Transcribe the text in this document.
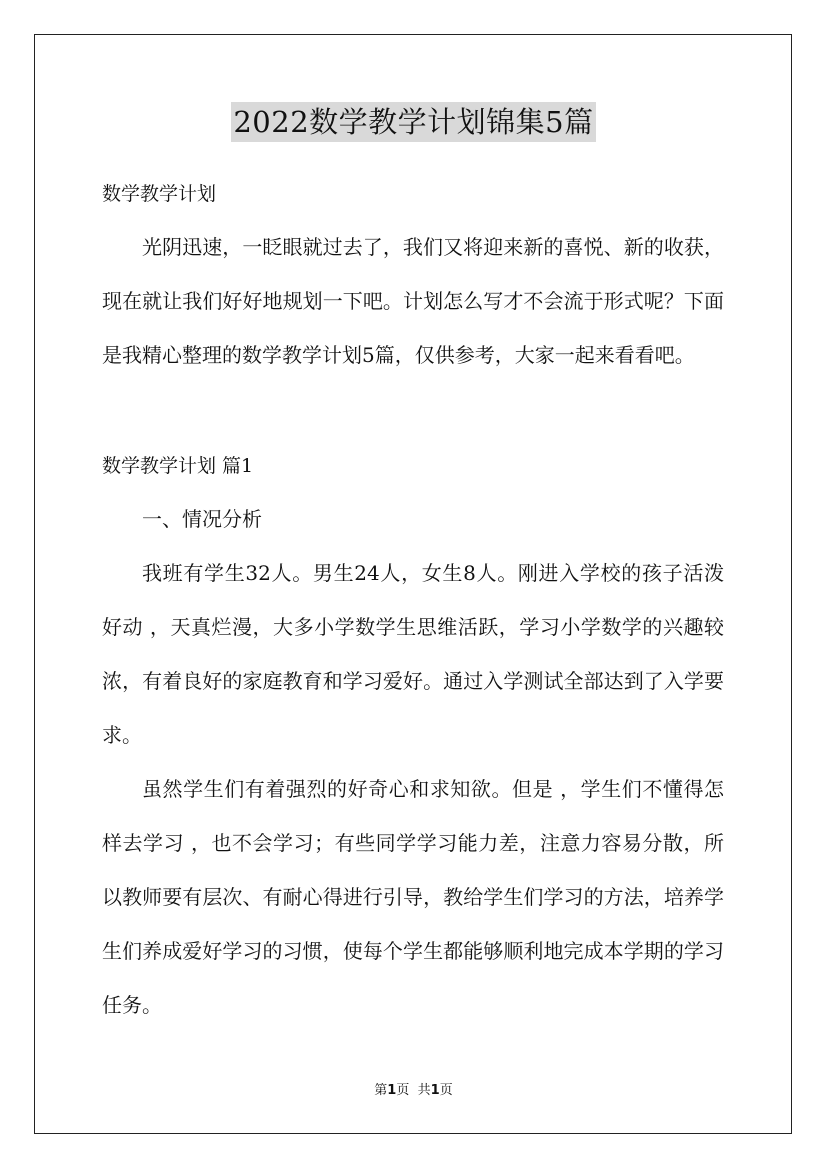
2022数学教学计划锦集5篇
数学教学计划

光阴迅速，一眨眼就过去了，我们又将迎来新的喜悦、新的收获，现在就让我们好好地规划一下吧。计划怎么写才不会流于形式呢？下面是我精心整理的数学教学计划5篇，仅供参考，大家一起来看看吧。

数学教学计划 篇1
一、情况分析

我班有学生32人。男生24人，女生8人。刚进入学校的孩子活泼好动 ，天真烂漫，大多小学数学生思维活跃，学习小学数学的兴趣较浓，有着良好的家庭教育和学习爱好。通过入学测试全部达到了入学要求。

虽然学生们有着强烈的好奇心和求知欲。但是 ，学生们不懂得怎样去学习 ，也不会学习；有些同学学习能力差，注意力容易分散，所以教师要有层次、有耐心得进行引导，教给学生们学习的方法，培养学生们养成爱好学习的习惯，使每个学生都能够顺利地完成本学期的学习任务。

第1页 共1页
